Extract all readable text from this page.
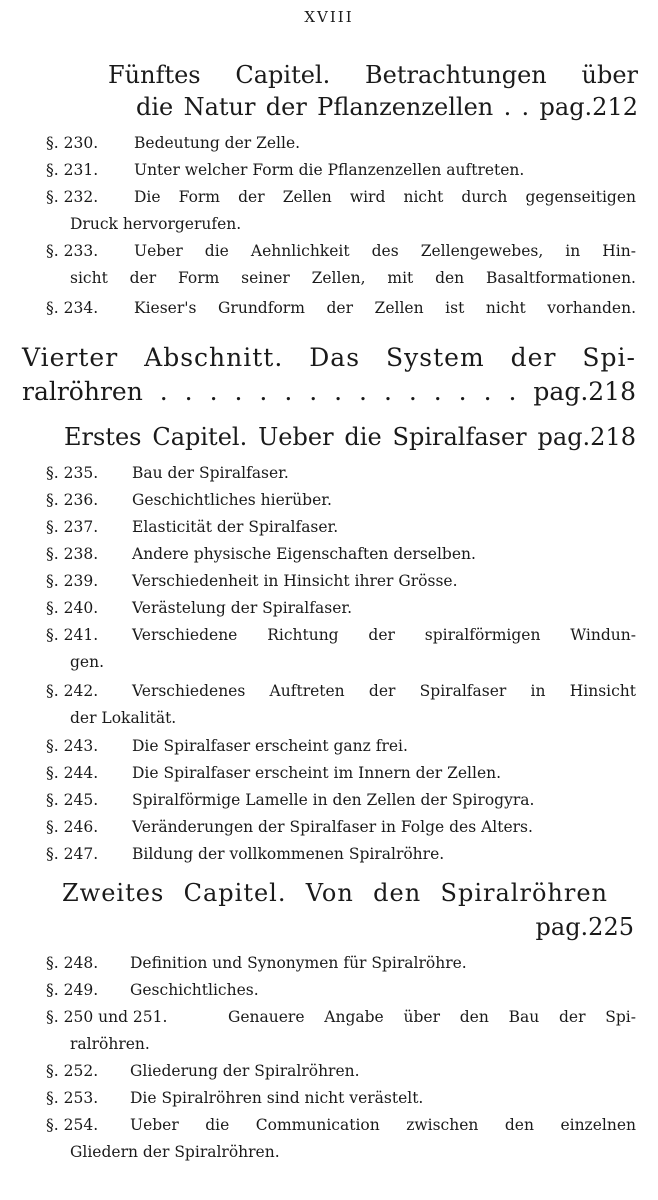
XVIII
Fünftes Capitel. Betrachtungen über
die Natur der Pflanzenzellen . . pag.212
§. 230. Bedeutung der Zelle.
§. 231. Unter welcher Form die Pflanzenzellen auftreten.
§. 232. Die Form der Zellen wird nicht durch gegenseitigen
Druck hervorgerufen.
§. 233. Ueber die Aehnlichkeit des Zellengewebes, in Hin-
sicht der Form seiner Zellen, mit den Basaltformationen.
§. 234. Kieser's Grundform der Zellen ist nicht vorhanden.
Vierter Abschnitt. Das System der Spi-
ralröhren . . . . . . . . . . . . . . . pag.218
Erstes Capitel. Ueber die Spiralfaser pag.218
§. 235. Bau der Spiralfaser.
§. 236. Geschichtliches hierüber.
§. 237. Elasticität der Spiralfaser.
§. 238. Andere physische Eigenschaften derselben.
§. 239. Verschiedenheit in Hinsicht ihrer Grösse.
§. 240. Verästelung der Spiralfaser.
§. 241. Verschiedene Richtung der spiralförmigen Windun-
gen.
§. 242. Verschiedenes Auftreten der Spiralfaser in Hinsicht
der Lokalität.
§. 243. Die Spiralfaser erscheint ganz frei.
§. 244. Die Spiralfaser erscheint im Innern der Zellen.
§. 245. Spiralförmige Lamelle in den Zellen der Spirogyra.
§. 246. Veränderungen der Spiralfaser in Folge des Alters.
§. 247. Bildung der vollkommenen Spiralröhre.
Zweites Capitel. Von den Spiralröhren
pag.225
§. 248. Definition und Synonymen für Spiralröhre.
§. 249. Geschichtliches.
§. 250 und 251.	Genauere Angabe über den Bau der Spi-
ralröhren.
§. 252. Gliederung der Spiralröhren.
§. 253. Die Spiralröhren sind nicht verästelt.
§. 254. Ueber die Communication zwischen den einzelnen
Gliedern der Spiralröhren.
